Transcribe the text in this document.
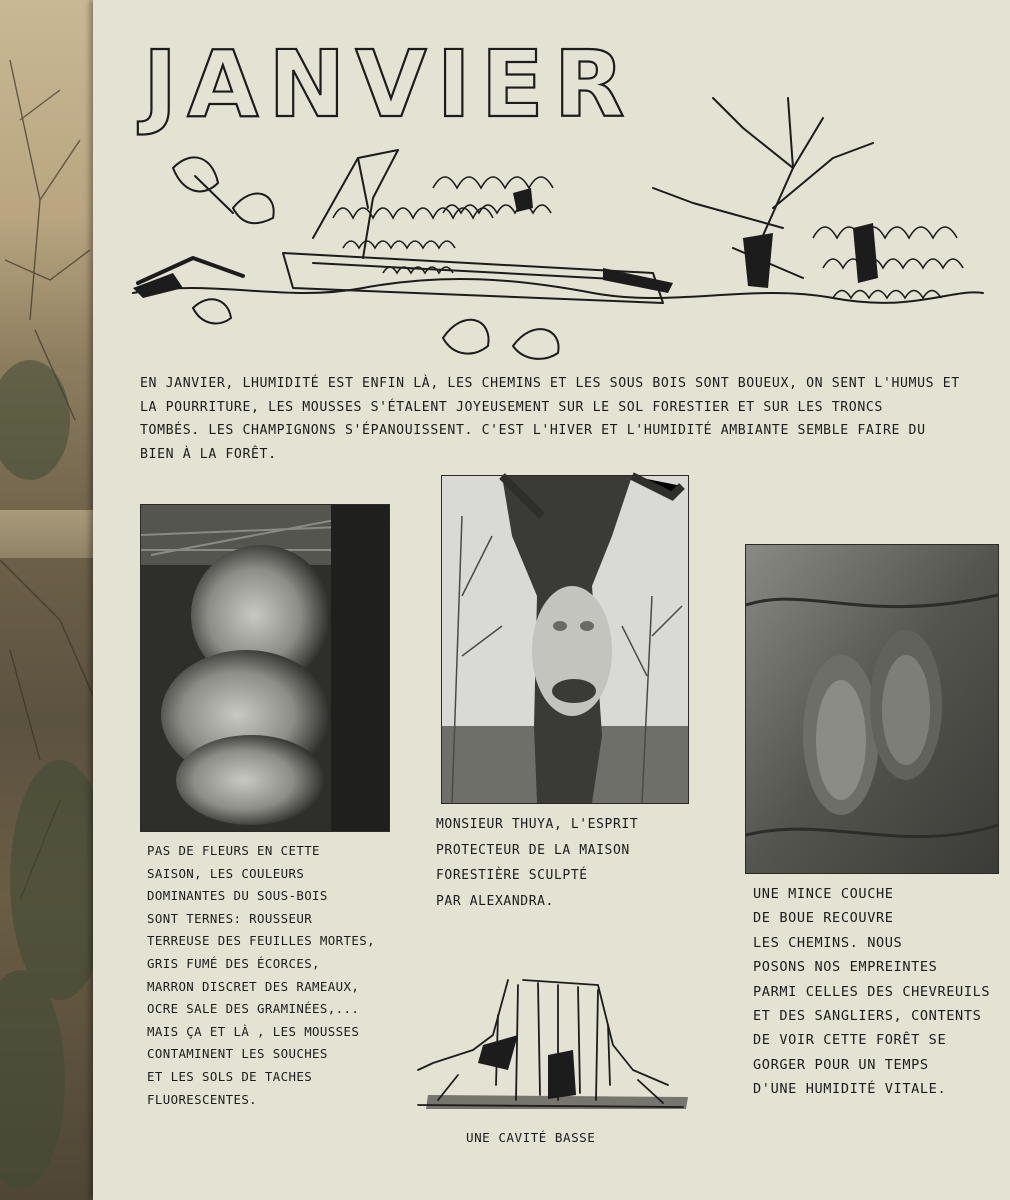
JANVIER
EN JANVIER, LHUMIDITÉ EST ENFIN LÀ, LES CHEMINS ET LES SOUS BOIS SONT BOUEUX, ON SENT L'HUMUS ET
LA POURRITURE, LES MOUSSES S'ÉTALENT JOYEUSEMENT SUR LE SOL FORESTIER ET SUR LES TRONCS
TOMBÉS. LES CHAMPIGNONS S'ÉPANOUISSENT. C'EST L'HIVER ET L'HUMIDITÉ AMBIANTE SEMBLE FAIRE DU
BIEN À LA FORÊT.
PAS DE FLEURS EN CETTE
SAISON, LES COULEURS
DOMINANTES DU SOUS-BOIS
SONT TERNES: ROUSSEUR
TERREUSE DES FEUILLES MORTES,
GRIS FUMÉ DES ÉCORCES,
MARRON DISCRET DES RAMEAUX,
OCRE SALE DES GRAMINÉES,...
MAIS ÇA ET LÀ , LES MOUSSES
CONTAMINENT LES SOUCHES
ET LES SOLS DE TACHES
FLUORESCENTES.
MONSIEUR THUYA, L'ESPRIT
PROTECTEUR DE LA MAISON
FORESTIÈRE SCULPTÉ
PAR ALEXANDRA.	UNE MINCE COUCHE
DE BOUE RECOUVRE
LES CHEMINS. NOUS
POSONS NOS EMPREINTES
PARMI CELLES DES CHEVREUILS
ET DES SANGLIERS, CONTENTS
DE VOIR CETTE FORÊT SE
GORGER POUR UN TEMPS
D'UNE HUMIDITÉ VITALE.
UNE CAVITÉ BASSE
